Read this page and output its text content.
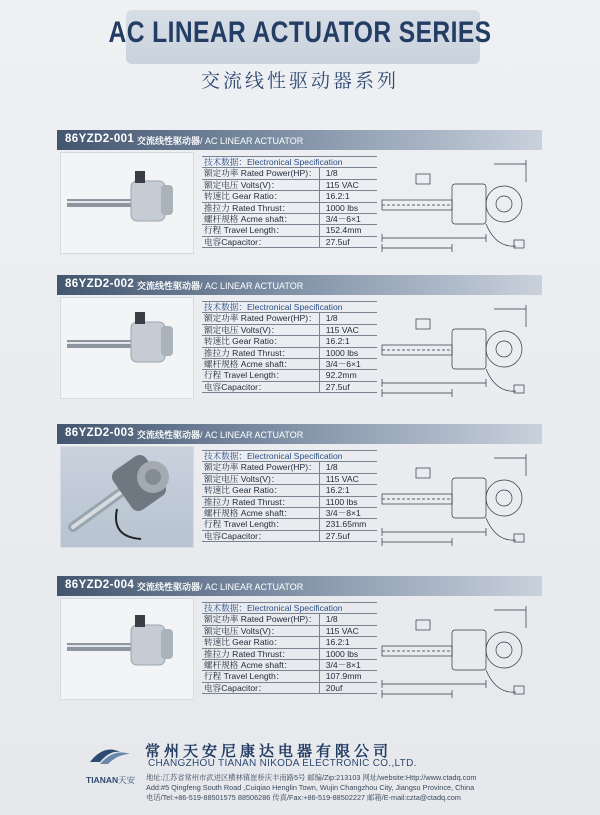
AC LINEAR ACTUATOR SERIES
交流线性驱动器系列
86YZD2-001 交流线性驱动器/ AC LINEAR ACTUATOR
技术数据：Electronical Specification	
额定功率 Rated Power(HP)：	1/8
额定电压 Volts(V)：	115 VAC
转速比 Gear Ratio：	16.2:1
推拉力 Rated Thrust：	1000 lbs
螺杆规格 Acme shaft：	3/4－6×1
行程 Travel Length：	152.4mm
电容Capacitor：	27.5uf
86YZD2-002 交流线性驱动器/ AC LINEAR ACTUATOR
技术数据：Electronical Specification	
额定功率 Rated Power(HP)：	1/8
额定电压 Volts(V)：	115 VAC
转速比 Gear Ratio：	16.2:1
推拉力 Rated Thrust：	1000 lbs
螺杆规格 Acme shaft：	3/4－6×1
行程 Travel Length：	92.2mm
电容Capacitor：	27.5uf
86YZD2-003 交流线性驱动器/ AC LINEAR ACTUATOR
技术数据：Electronical Specification	
额定功率 Rated Power(HP)：	1/8
额定电压 Volts(V)：	115 VAC
转速比 Gear Ratio：	16.2:1
推拉力 Rated Thrust：	1100 lbs
螺杆规格 Acme shaft：	3/4－8×1
行程 Travel Length：	231.65mm
电容Capacitor：	27.5uf
86YZD2-004 交流线性驱动器/ AC LINEAR ACTUATOR
技术数据：Electronical Specification	
额定功率 Rated Power(HP)：	1/8
额定电压 Volts(V)：	115 VAC
转速比 Gear Ratio：	16.2:1
推拉力 Rated Thrust：	1000 lbs
螺杆规格 Acme shaft：	3/4－8×1
行程 Travel Length：	107.9mm
电容Capacitor：	20uf
TIANAN天安
常州天安尼康达电器有限公司
CHANGZHOU TIANAN NIKODA ELECTRONIC CO.,LTD.
地址:江苏省常州市武进区横林镇崔桥庆丰南路5号 邮编/Zip:213103 网址/website:Http://www.ctadq.com
Add:#5 Qingfeng South Road ,Cuiqiao Henglin Town, Wujin Changzhou City, Jiangsu Province, China
电话/Tel:+86-519-88501575 88506286 传真/Fax:+86-519-88502227 邮箱/E-mail:czta@ctadq.com
